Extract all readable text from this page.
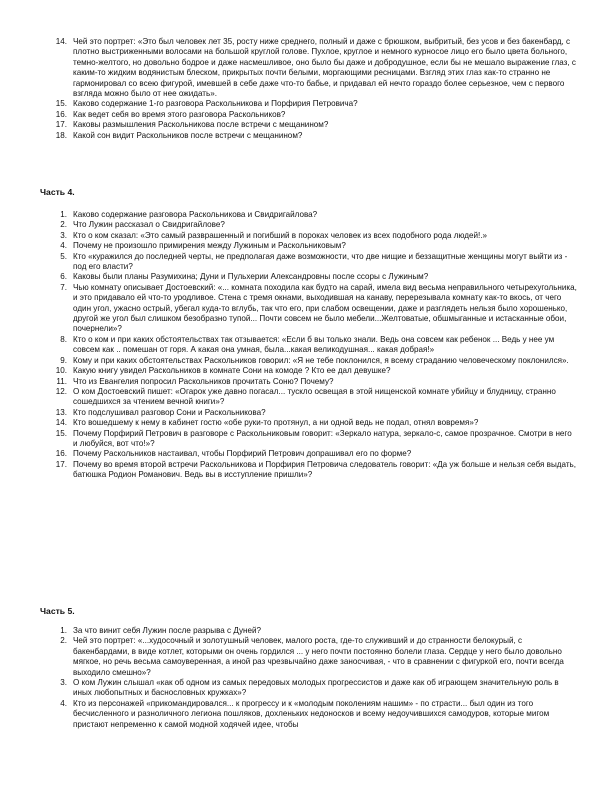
14. Чей это портрет: «Это был человек лет 35, росту ниже среднего, полный и даже с брюшком, выбритый, без усов и без бакенбард, с плотно выстриженными волосами на большой круглой голове. Пухлое, круглое и немного курносое лицо его было цвета больного, темно-желтого, но довольно бодрое и даже насмешливое, оно было бы даже и добродушное, если бы не мешало выражение глаз, с каким-то жидким водянистым блеском, прикрытых почти белыми, моргающими ресницами. Взгляд этих глаз как-то странно не гармонировал со всею фигурой, имевшей в себе даже что-то бабье, и придавал ей нечто гораздо более серьезное, чем с первого взгляда можно было от нее ожидать».
15. Каково содержание 1-го разговора Раскольникова и Порфирия Петровича?
16. Как ведет себя во время этого разговора Раскольников?
17. Каковы размышления Раскольникова после встречи с мещанином?
18. Какой сон видит Раскольников после встречи с мещанином?
Часть 4.
1. Каково содержание разговора Раскольникова и Свидригайлова?
2. Что Лужин рассказал о Свидригайлове?
3. Кто о ком сказал: «Это самый разврашенный и погибший в пороках человек из всех подобного рода людей!.»
4. Почему не произошло примирения между Лужиным и Раскольниковым?
5. Кто «куражился до последней черты, не предполагая даже возможности, что две нищие и беззащитные женщины могут выйти из - под его власти?
6. Каковы были планы Разумихина; Дуни и Пульхерии Александровны после ссоры с Лужиным?
7. Чью комнату описывает Достоевский: «... комната походила как будто на сарай, имела вид весьма неправильного четырехугольника, и это придавало ей что-то уродливое. Стена с тремя окнами, выходившая на канаву, перерезывала комнату как-то вкось, от чего один угол, ужасно острый, убегал куда-то вглубь, так что его, при слабом освещении, даже и разглядеть нельзя было хорошенько, другой же угол был слишком безобразно тупой... Почти совсем не было мебели...Желтоватые, обшмыганные и истасканные обои, почернели»?
8. Кто о ком и при каких обстоятельствах так отзывается: «Если б вы только знали. Ведь она совсем как ребенок ... Ведь у нее ум совсем как .. помешан от горя. А какая она умная, была...какая великодушная... какая добрая!»
9. Кому и при каких обстоятельствах Раскольников говорил: «Я не тебе поклонился, я всему страданию человеческому поклонился».
10. Какую книгу увидел Раскольников в комнате Сони на комоде ? Кто ее дал девушке?
11. Что из Евангелия попросил Раскольников прочитать Соню? Почему?
12. О ком Достоевский пишет: «Огарок уже давно погасал... тускло освещая в этой нищенской комнате убийцу и блудницу, странно сошедшихся за чтением вечной книги»?
13. Кто подслушивал разговор Сони и Раскольникова?
14. Кто вошедшему к нему в кабинет гостю «обе руки-то протянул, а ни одной ведь не подал, отнял вовремя»?
15. Почему Порфирий Петрович в разговоре с Раскольниковым говорит: «Зеркало натура, зеркало-с, самое прозрачное. Смотри в него и любуйся, вот что!»?
16. Почему Раскольников настаивал, чтобы Порфирий Петрович допрашивал его по форме?
17. Почему во время второй встречи Раскольникова и Порфирия Петровича следователь говорит: «Да уж больше и нельзя себя выдать, батюшка Родион Романович. Ведь вы в исступление пришли»?
Часть 5.
1. За что винит себя Лужин после разрыва с Дуней?
2. Чей это портрет: «...худосочный и золотушный человек, малого роста, где-то служивший и до странности белокурый, с бакенбардами, в виде котлет, которыми он очень гордился ... у него почти постоянно болели глаза. Сердце у него было довольно мягкое, но речь весьма самоуверенная, а иной раз чрезвычайно даже заносчивая, - что в сравнении с фигуркой его, почти всегда выходило смешно»?
3. О ком Лужин слышал «как об одном из самых передовых молодых прогрессистов и даже как об играющем значительную роль в иных любопытных и баснословных кружках»?
4. Кто из персонажей «прикомандировался... к прогрессу и к «молодым поколениям нашим» - по страсти... был один из того бесчисленного и разноличного легиона пошляков, дохленьких недоносков и всему недоучившихся самодуров, которые мигом пристают непременно к самой модной ходячей идее, чтобы
